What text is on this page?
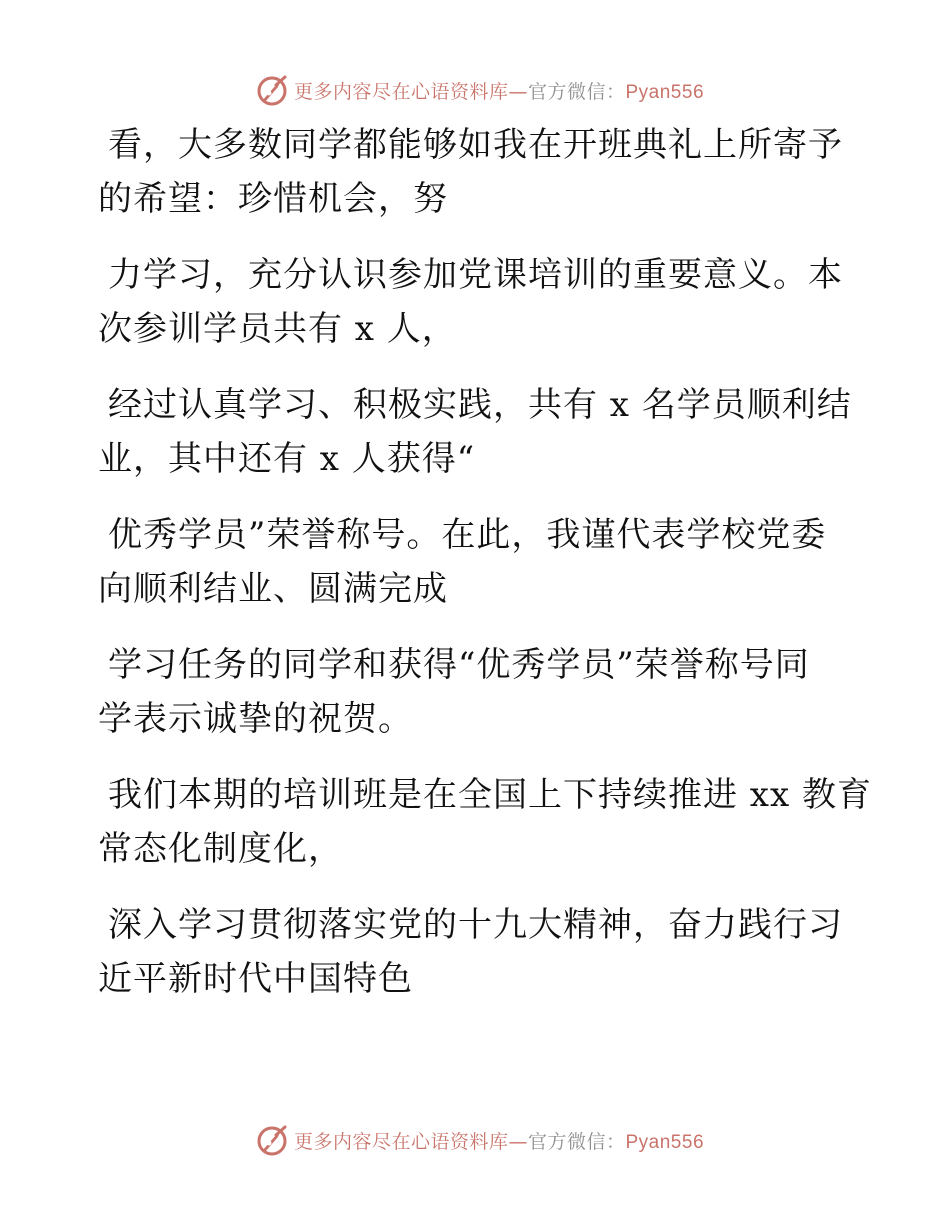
更多内容尽在心语资料库—官方微信：Pyan556
看，大多数同学都能够如我在开班典礼上所寄予
的希望：珍惜机会，努
力学习，充分认识参加党课培训的重要意义。本
次参训学员共有 x 人，
经过认真学习、积极实践，共有 x 名学员顺利结
业，其中还有 x 人获得“
优秀学员”荣誉称号。在此，我谨代表学校党委
向顺利结业、圆满完成
学习任务的同学和获得“优秀学员”荣誉称号同
学表示诚挚的祝贺。
我们本期的培训班是在全国上下持续推进 xx 教育
常态化制度化，
深入学习贯彻落实党的十九大精神，奋力践行习
近平新时代中国特色
更多内容尽在心语资料库—官方微信：Pyan556
